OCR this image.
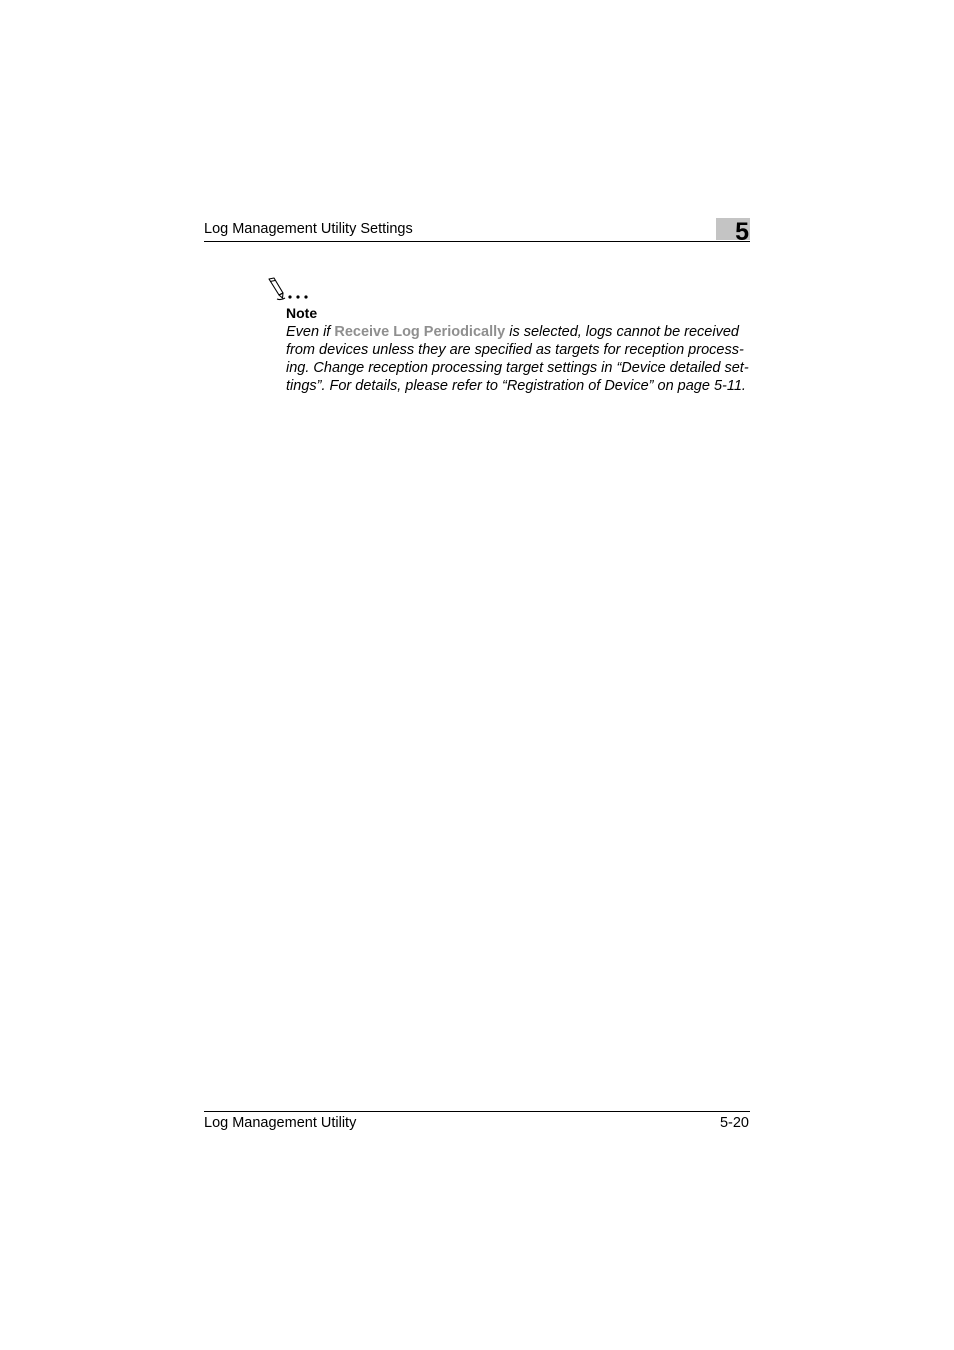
Log Management Utility Settings	5
Note
Even if Receive Log Periodically is selected, logs cannot be received
from devices unless they are specified as targets for reception process-
ing. Change reception processing target settings in “Device detailed set-
tings”. For details, please refer to “Registration of Device” on page 5-11.
Log Management Utility	5-20
